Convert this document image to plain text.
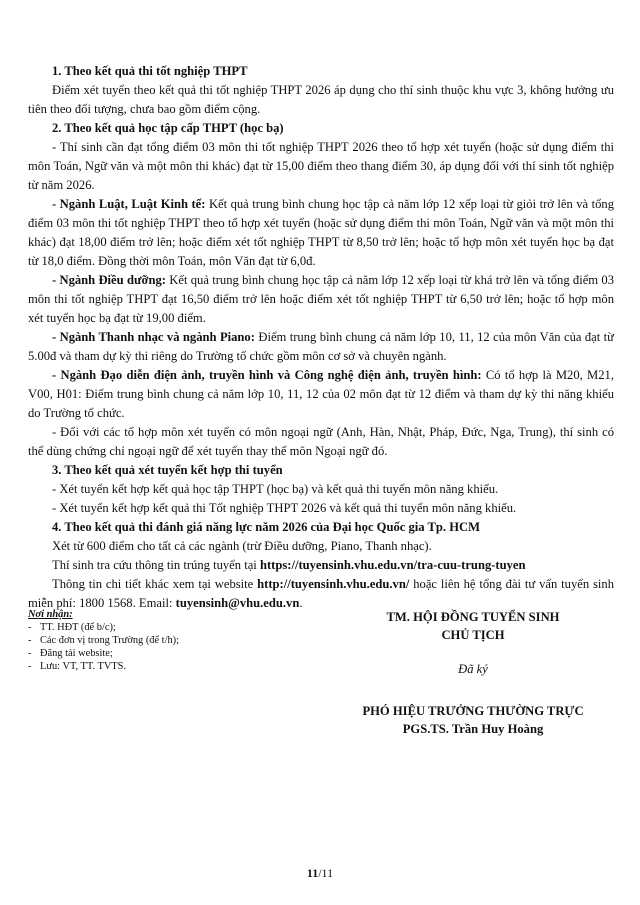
1. Theo kết quả thi tốt nghiệp THPT

Điểm xét tuyển theo kết quả thi tốt nghiệp THPT 2026 áp dụng cho thí sinh thuộc khu vực 3, không hưởng ưu tiên theo đối tượng, chưa bao gồm điểm cộng.

2. Theo kết quả học tập cấp THPT (học bạ)

- Thí sinh cần đạt tổng điểm 03 môn thi tốt nghiệp THPT 2026 theo tổ hợp xét tuyển (hoặc sử dụng điểm thi môn Toán, Ngữ văn và một môn thi khác) đạt từ 15,00 điểm theo thang điểm 30, áp dụng đối với thí sinh tốt nghiệp từ năm 2026.

- Ngành Luật, Luật Kinh tế: Kết quả trung bình chung học tập cả năm lớp 12 xếp loại từ giỏi trở lên và tổng điểm 03 môn thi tốt nghiệp THPT theo tổ hợp xét tuyển (hoặc sử dụng điểm thi môn Toán, Ngữ văn và một môn thi khác) đạt 18,00 điểm trở lên; hoặc điểm xét tốt nghiệp THPT từ 8,50 trở lên; hoặc tổ hợp môn xét tuyển học bạ đạt từ 18,0 điểm. Đồng thời môn Toán, môn Văn đạt từ 6,0đ.

- Ngành Điều dưỡng: Kết quả trung bình chung học tập cả năm lớp 12 xếp loại từ khá trở lên và tổng điểm 03 môn thi tốt nghiệp THPT đạt 16,50 điểm trở lên hoặc điểm xét tốt nghiệp THPT từ 6,50 trở lên; hoặc tổ hợp môn xét tuyển học bạ đạt từ 19,00 điểm.

- Ngành Thanh nhạc và ngành Piano: Điểm trung bình chung cả năm lớp 10, 11, 12 của môn Văn của đạt từ 5.00đ và tham dự kỳ thi riêng do Trường tổ chức gồm môn cơ sở và chuyên ngành.

- Ngành Đạo diễn điện ảnh, truyền hình và Công nghệ điện ảnh, truyền hình: Có tổ hợp là M20, M21, V00, H01: Điểm trung bình chung cả năm lớp 10, 11, 12 của 02 môn đạt từ 12 điểm và tham dự kỳ thi năng khiếu do Trường tổ chức.

- Đối với các tổ hợp môn xét tuyển có môn ngoại ngữ (Anh, Hàn, Nhật, Pháp, Đức, Nga, Trung), thí sinh có thể dùng chứng chỉ ngoại ngữ để xét tuyển thay thế môn Ngoại ngữ đó.

3. Theo kết quả xét tuyển kết hợp thi tuyển

- Xét tuyển kết hợp kết quả học tập THPT (học bạ) và kết quả thi tuyển môn năng khiếu.

- Xét tuyển kết hợp kết quả thi Tốt nghiệp THPT 2026 và kết quả thi tuyển môn năng khiếu.

4. Theo kết quả thi đánh giá năng lực năm 2026 của Đại học Quốc gia Tp. HCM

Xét từ 600 điểm cho tất cả các ngành (trừ Điều dưỡng, Piano, Thanh nhạc).

Thí sinh tra cứu thông tin trúng tuyển tại https://tuyensinh.vhu.edu.vn/tra-cuu-trung-tuyen

Thông tin chi tiết khác xem tại website http://tuyensinh.vhu.edu.vn/ hoặc liên hệ tổng đài tư vấn tuyển sinh miễn phí: 1800 1568. Email: tuyensinh@vhu.edu.vn.

Nơi nhận:
- TT. HĐT (để b/c);
- Các đơn vị trong Trường (để t/h);
- Đăng tải website;
- Lưu: VT, TT. TVTS.
TM. HỘI ĐỒNG TUYỂN SINH
CHỦ TỊCH
Đã ký
PHÓ HIỆU TRƯỞNG THƯỜNG TRỰC
PGS.TS. Trần Huy Hoàng
11/11
